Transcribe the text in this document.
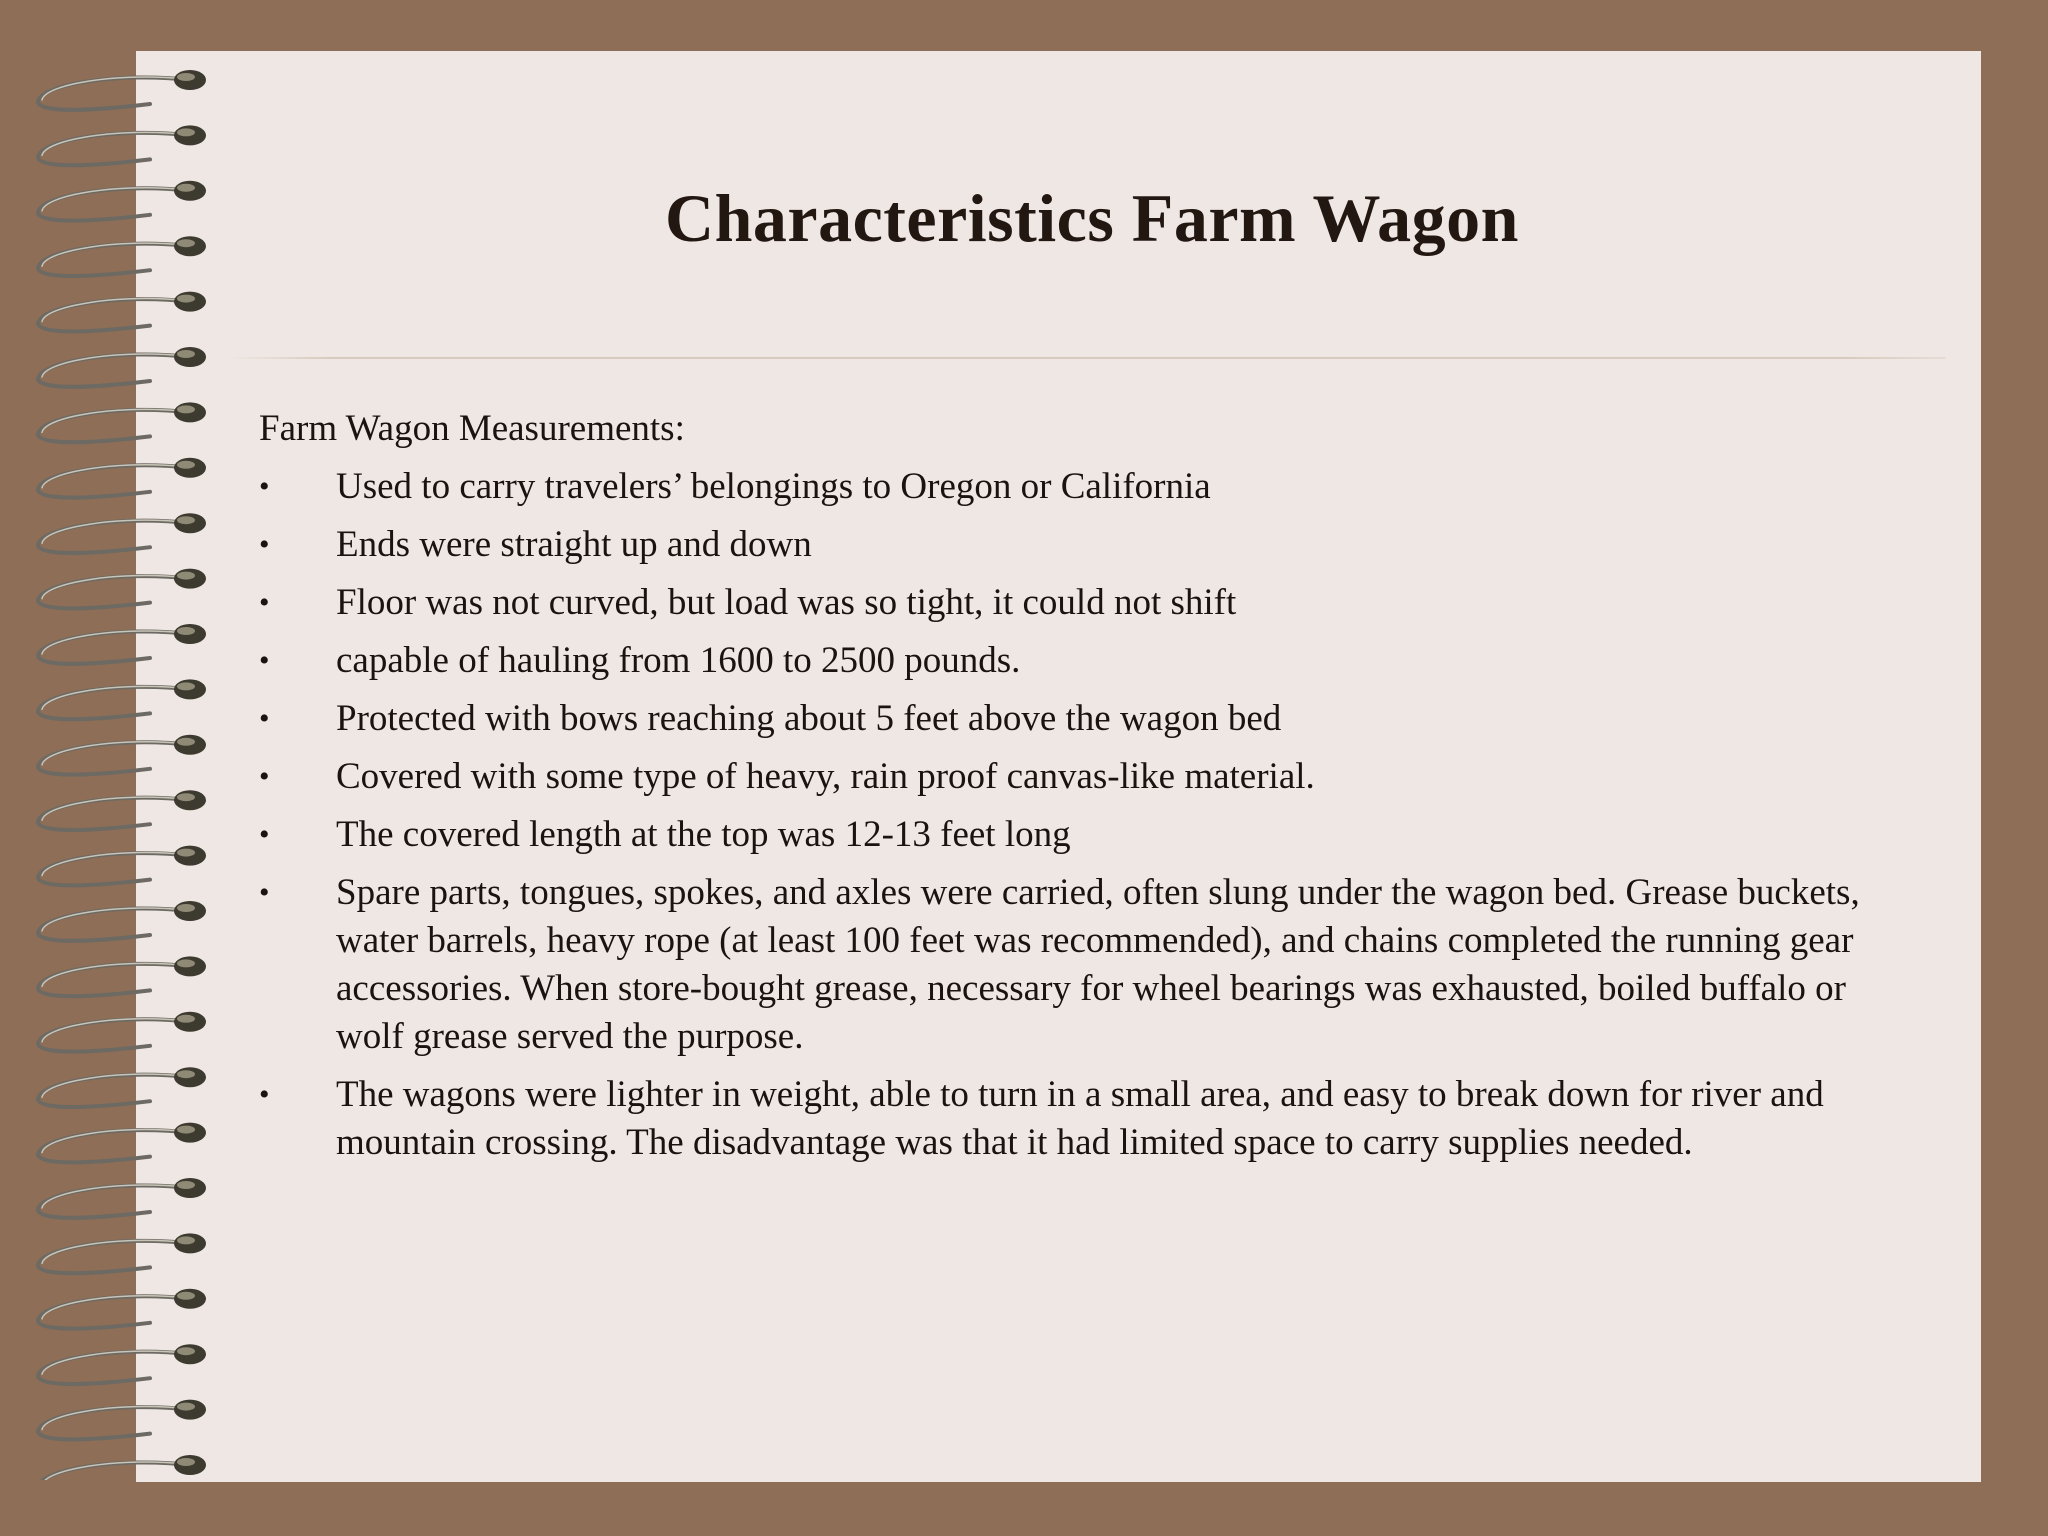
Characteristics Farm Wagon

Farm Wagon Measurements:

• Used to carry travelers’ belongings to Oregon or California
• Ends were straight up and down
• Floor was not curved, but load was so tight, it could not shift
• capable of hauling from 1600 to 2500 pounds.
• Protected with bows reaching about 5 feet above the wagon bed
• Covered with some type of heavy, rain proof canvas-like material.
• The covered length at the top was 12-13 feet long
• Spare parts, tongues, spokes, and axles were carried, often slung under the wagon bed. Grease buckets, water barrels, heavy rope (at least 100 feet was recommended), and chains completed the running gear accessories. When store-bought grease, necessary for wheel bearings was exhausted, boiled buffalo or wolf grease served the purpose.
• The wagons were lighter in weight, able to turn in a small area, and easy to break down for river and mountain crossing. The disadvantage was that it had limited space to carry supplies needed.
